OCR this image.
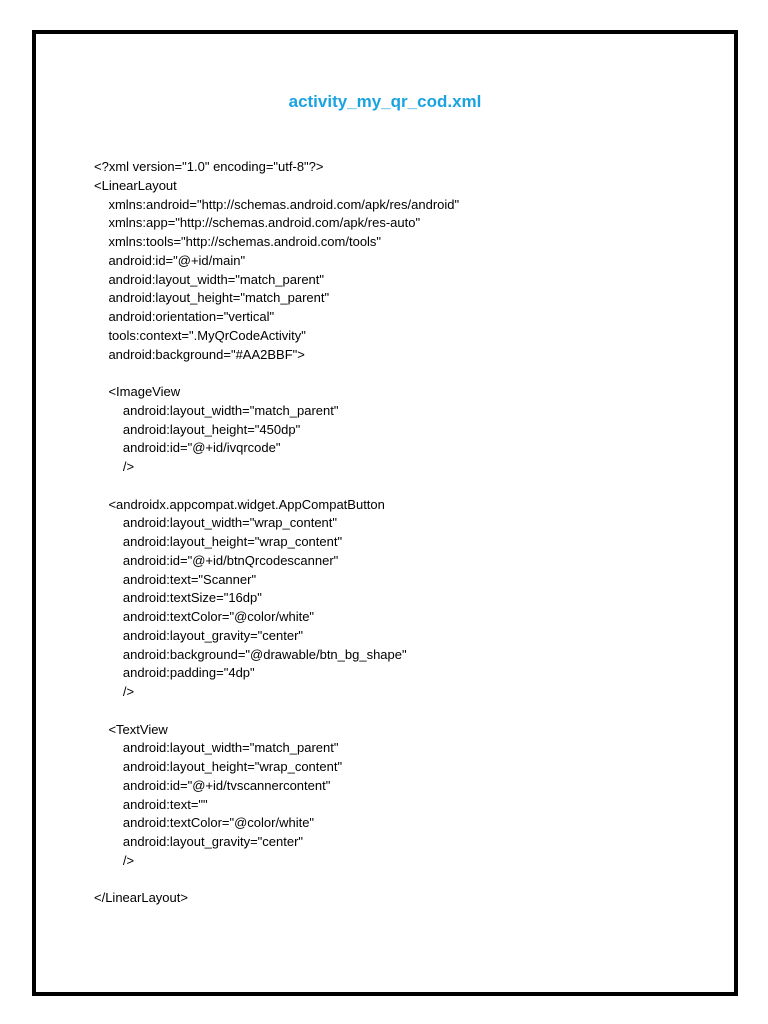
activity_my_qr_cod.xml
<?xml version="1.0" encoding="utf-8"?>
<LinearLayout
xmlns:android="http://schemas.android.com/apk/res/android"
xmlns:app="http://schemas.android.com/apk/res-auto"
xmlns:tools="http://schemas.android.com/tools"
android:id="@+id/main"
android:layout_width="match_parent"
android:layout_height="match_parent"
android:orientation="vertical"
tools:context=".MyQrCodeActivity"
android:background="#AA2BBF">
<ImageView
android:layout_width="match_parent"
android:layout_height="450dp"
android:id="@+id/ivqrcode"
/>
<androidx.appcompat.widget.AppCompatButton
android:layout_width="wrap_content"
android:layout_height="wrap_content"
android:id="@+id/btnQrcodescanner"
android:text="Scanner"
android:textSize="16dp"
android:textColor="@color/white"
android:layout_gravity="center"
android:background="@drawable/btn_bg_shape"
android:padding="4dp"
/>
<TextView
android:layout_width="match_parent"
android:layout_height="wrap_content"
android:id="@+id/tvscannercontent"
android:text=""
android:textColor="@color/white"
android:layout_gravity="center"
/>
</LinearLayout>
